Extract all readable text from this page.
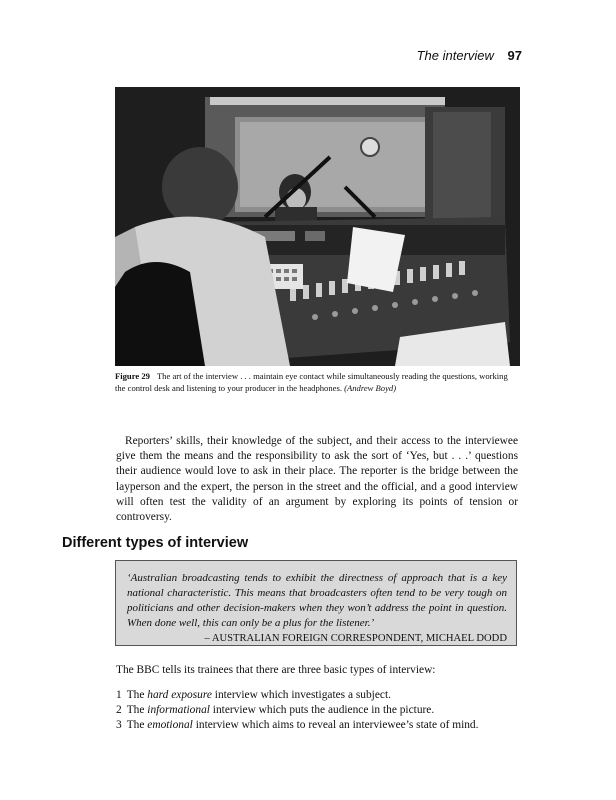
The interview 97
Figure 29 The art of the interview . . . maintain eye contact while simultaneously reading the questions, working the control desk and listening to your producer in the headphones. (Andrew Boyd)

Reporters’ skills, their knowledge of the subject, and their access to the interviewee give them the means and the responsibility to ask the sort of ‘Yes, but . . .’ questions their audience would love to ask in their place. The reporter is the bridge between the layperson and the expert, the person in the street and the official, and a good interview will often test the validity of an argument by exploring its points of tension or controversy.

Different types of interview
‘Australian broadcasting tends to exhibit the directness of approach that is a key national characteristic. This means that broadcasters often tend to be very tough on politicians and other decision-makers when they won’t address the point in question. When done well, this can only be a plus for the listener.’
– AUSTRALIAN FOREIGN CORRESPONDENT, MICHAEL DODD

The BBC tells its trainees that there are three basic types of interview:

1 The hard exposure interview which investigates a subject.
2 The informational interview which puts the audience in the picture.
3 The emotional interview which aims to reveal an interviewee’s state of mind.
